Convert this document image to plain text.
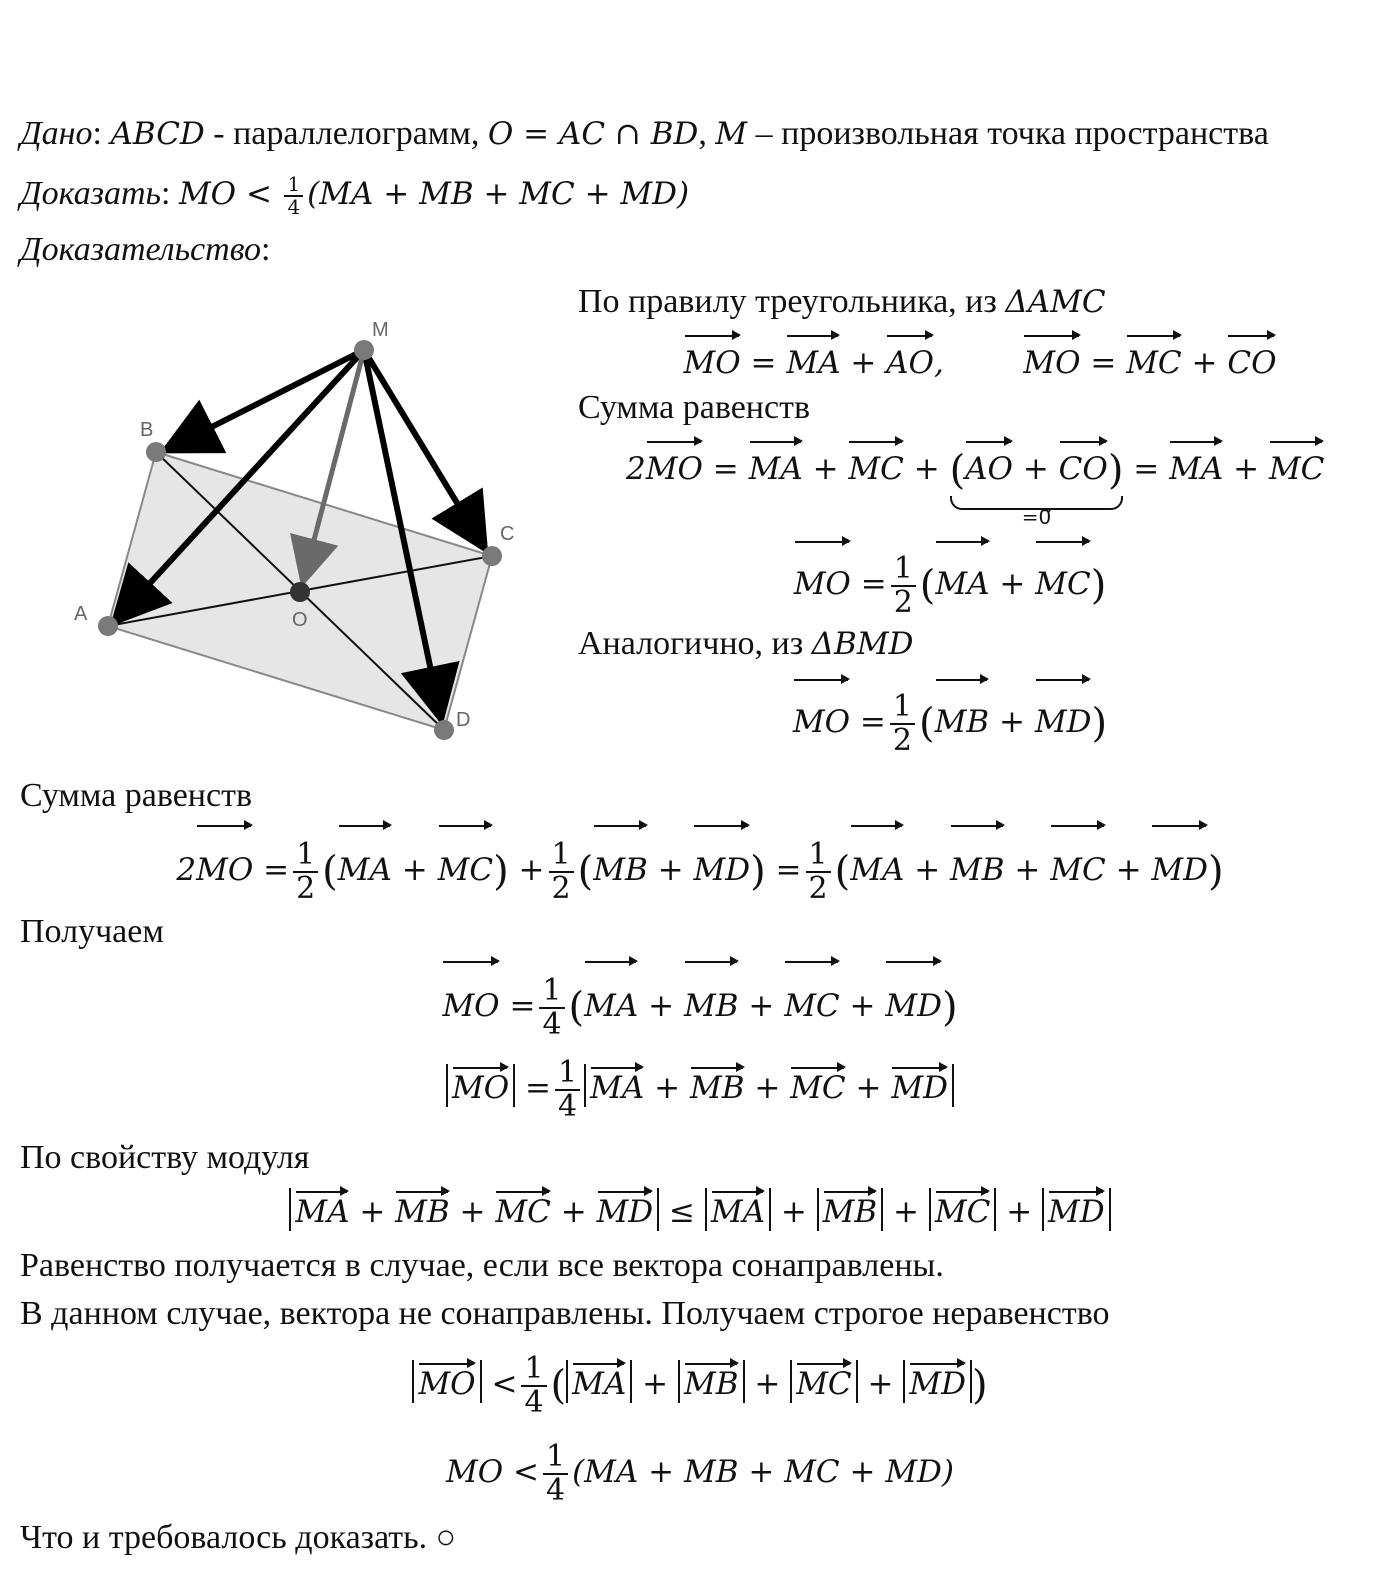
Дано: ABCD - параллелограмм, O = AC ∩ BD, M – произвольная точка пространства
Доказать: MO < $\frac{1}{4} (MA$ + MB + MC + MD)
Доказательство:
M
B
C
A	O
D
По правилу треугольника, из ΔAMC
MO = MA + AO,	MO = MC + CO
Сумма равенств
2MO = MA + MC + (AO + CO)
=0⃗
= MA + MC
MO = $\frac{1}{2} (MA + MC)$
Аналогично, из ΔBMD
MO = $\frac{1}{2} (MB + MD)$
Сумма равенств
$2MO = \frac{1}{2} (MA + MC) + \frac{1}{2} (MB + MD) = \frac{1}{2} (MA$ + MB + MC + MD)
Получаем
MO = $\frac{1}{4} (MA$ + MB + MC + MD)
MO = $\frac{1}{4}$ MA + MB + MC + MD
По свойству модуля
MA + MB + MC + MD ≤ MA + MB + MC + MD
Равенство получается в случае, если все вектора сонаправлены.
В данном случае, вектора не сонаправлены. Получаем строгое неравенство
MO < $\frac{1}{4}$ ( MA + MB + MC + MD )
MO < $\frac{1}{4} (MA$ + MB + MC + MD)
Что и требовалось доказать. ○
